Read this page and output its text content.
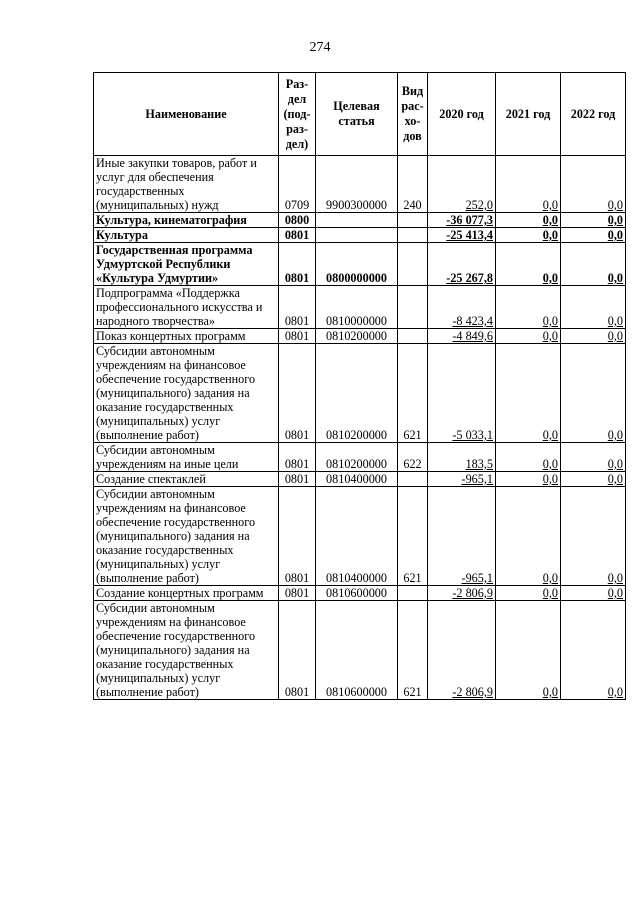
274
Наименование	Раз-дел (под-раз-дел)	Целевая статья	Вид рас-хо-дов	2020 год	2021 год	2022 год
Иные закупки товаров, работ и услуг для обеспечения государственных (муниципальных) нужд	0709	9900300000	240	252,0	0,0	0,0
Культура, кинематография	0800			-36 077,3	0,0	0,0
Культура	0801			-25 413,4	0,0	0,0
Государственная программа Удмуртской Республики «Культура Удмуртии»	0801	0800000000		-25 267,8	0,0	0,0
Подпрограмма «Поддержка профессионального искусства и народного творчества»	0801	0810000000		-8 423,4	0,0	0,0
Показ концертных программ	0801	0810200000		-4 849,6	0,0	0,0
Субсидии автономным учреждениям на финансовое обеспечение государственного (муниципального) задания на оказание государственных (муниципальных) услуг (выполнение работ)	0801	0810200000	621	-5 033,1	0,0	0,0
Субсидии автономным учреждениям на иные цели	0801	0810200000	622	183,5	0,0	0,0
Создание спектаклей	0801	0810400000		-965,1	0,0	0,0
Субсидии автономным учреждениям на финансовое обеспечение государственного (муниципального) задания на оказание государственных (муниципальных) услуг (выполнение работ)	0801	0810400000	621	-965,1	0,0	0,0
Создание концертных программ	0801	0810600000		-2 806,9	0,0	0,0
Субсидии автономным учреждениям на финансовое обеспечение государственного (муниципального) задания на оказание государственных (муниципальных) услуг (выполнение работ)	0801	0810600000	621	-2 806,9	0,0	0,0
